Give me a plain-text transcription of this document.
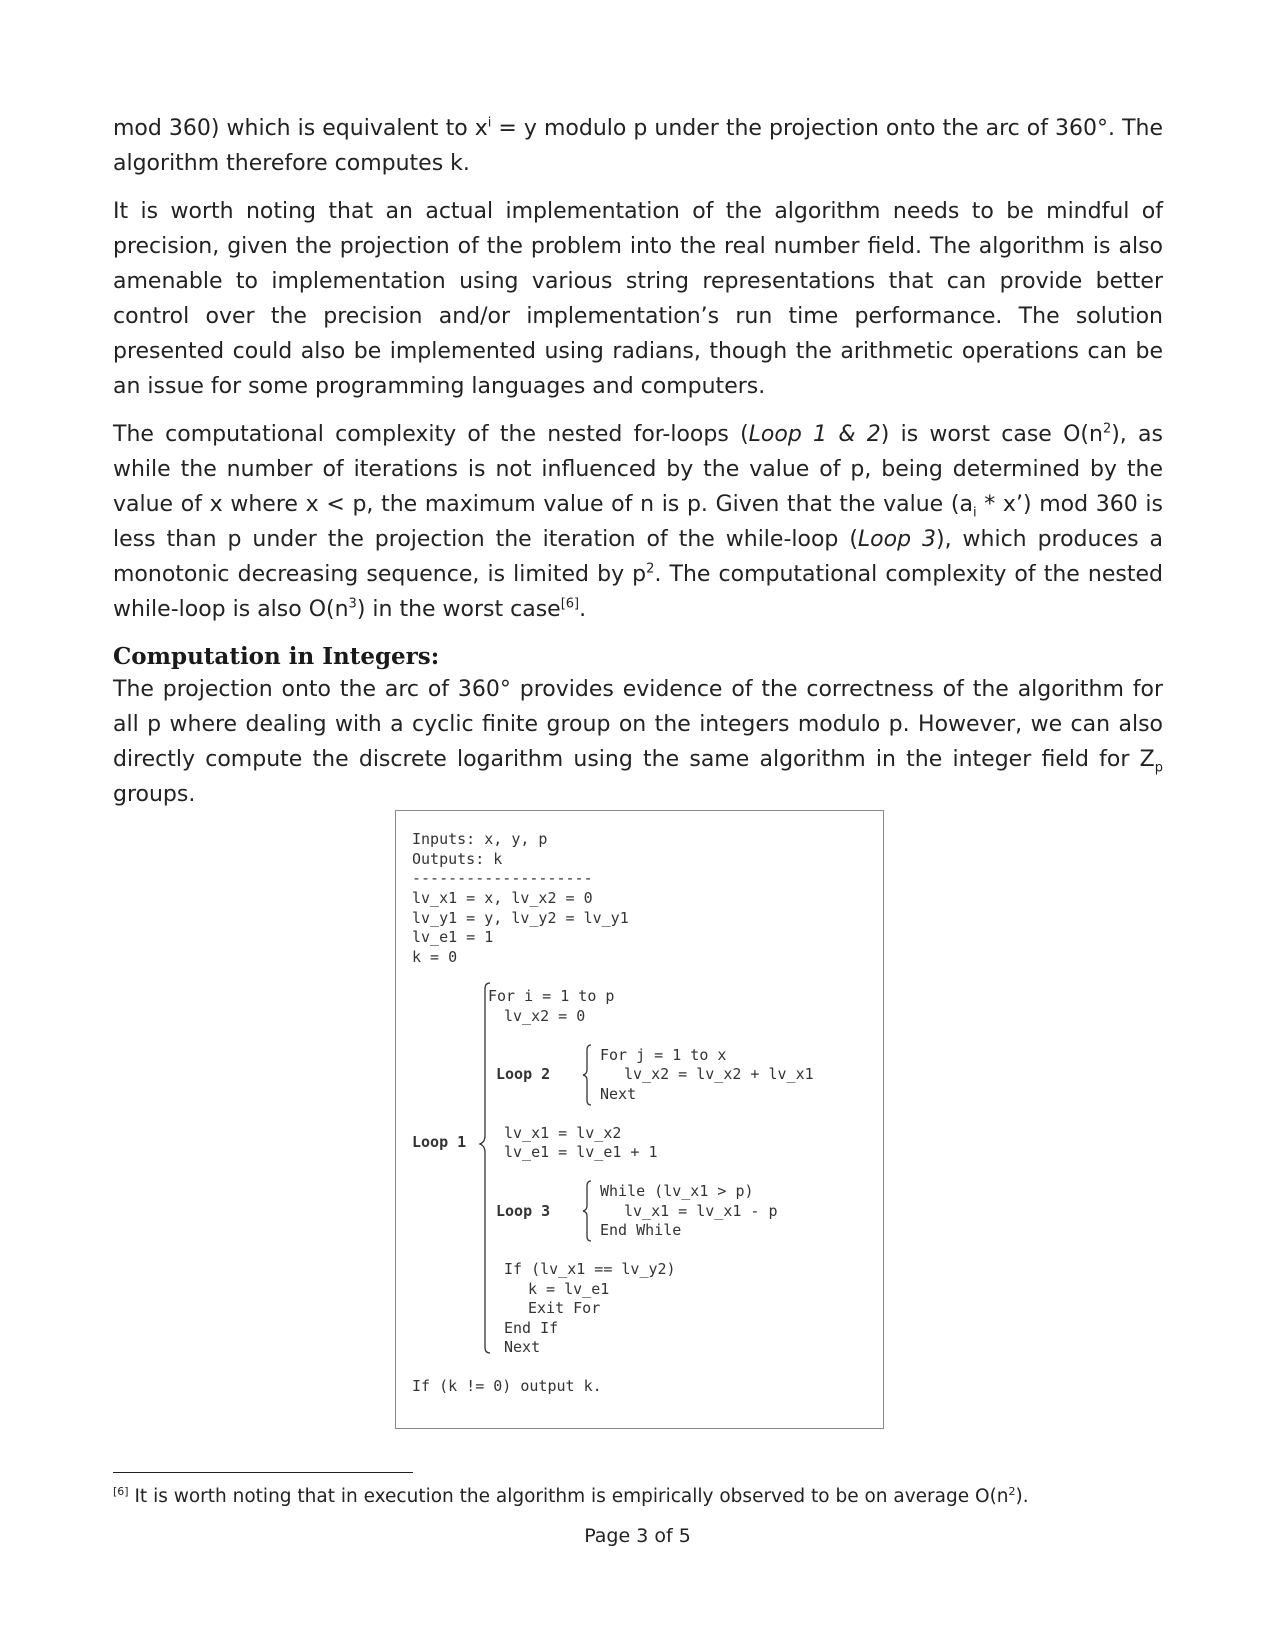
mod 360) which is equivalent to $x^i = y$ modulo p under the projection onto the arc of 360°. The algorithm therefore computes k.

It is worth noting that an actual implementation of the algorithm needs to be mindful of precision, given the projection of the problem into the real number field. The algorithm is also amenable to implementation using various string representations that can provide better control over the precision and/or implementation’s run time performance. The solution presented could also be implemented using radians, though the arithmetic operations can be an issue for some programming languages and computers.

The computational complexity of the nested for-loops (Loop 1 & 2) is worst case $O(n^2)$, as while the number of iterations is not influenced by the value of p, being determined by the value of x where x < p, the maximum value of n is p. Given that the value ($a_i$ * x’) mod 360 is less than p under the projection the iteration of the while-loop (Loop 3), which produces a monotonic decreasing sequence, is limited by $p^2$. The computational complexity of the nested while-loop is also $O(n^3)$ in the worst case[6].

Computation in Integers:

The projection onto the arc of 360° provides evidence of the correctness of the algorithm for all p where dealing with a cyclic finite group on the integers modulo p. However, we can also directly compute the discrete logarithm using the same algorithm in the integer field for $Z_p$ groups.

Inputs: x, y, p
Outputs: k
--------------------
lv_x1 = x, lv_x2 = 0
lv_y1 = y, lv_y2 = lv_y1
lv_e1 = 1
k = 0
Loop 1
For i = 1 to p
lv_x2 = 0
Loop 2
For j = 1 to x
lv_x2 = lv_x2 + lv_x1
Next
lv_x1 = lv_x2
lv_e1 = lv_e1 + 1
Loop 3
While (lv_x1 > p)
lv_x1 = lv_x1 - p
End While
If (lv_x1 == lv_y2)
k = lv_e1
Exit For
End If
Next
If (k != 0) output k.

[6] It is worth noting that in execution the algorithm is empirically observed to be on average $O(n^2)$.

Page 3 of 5
